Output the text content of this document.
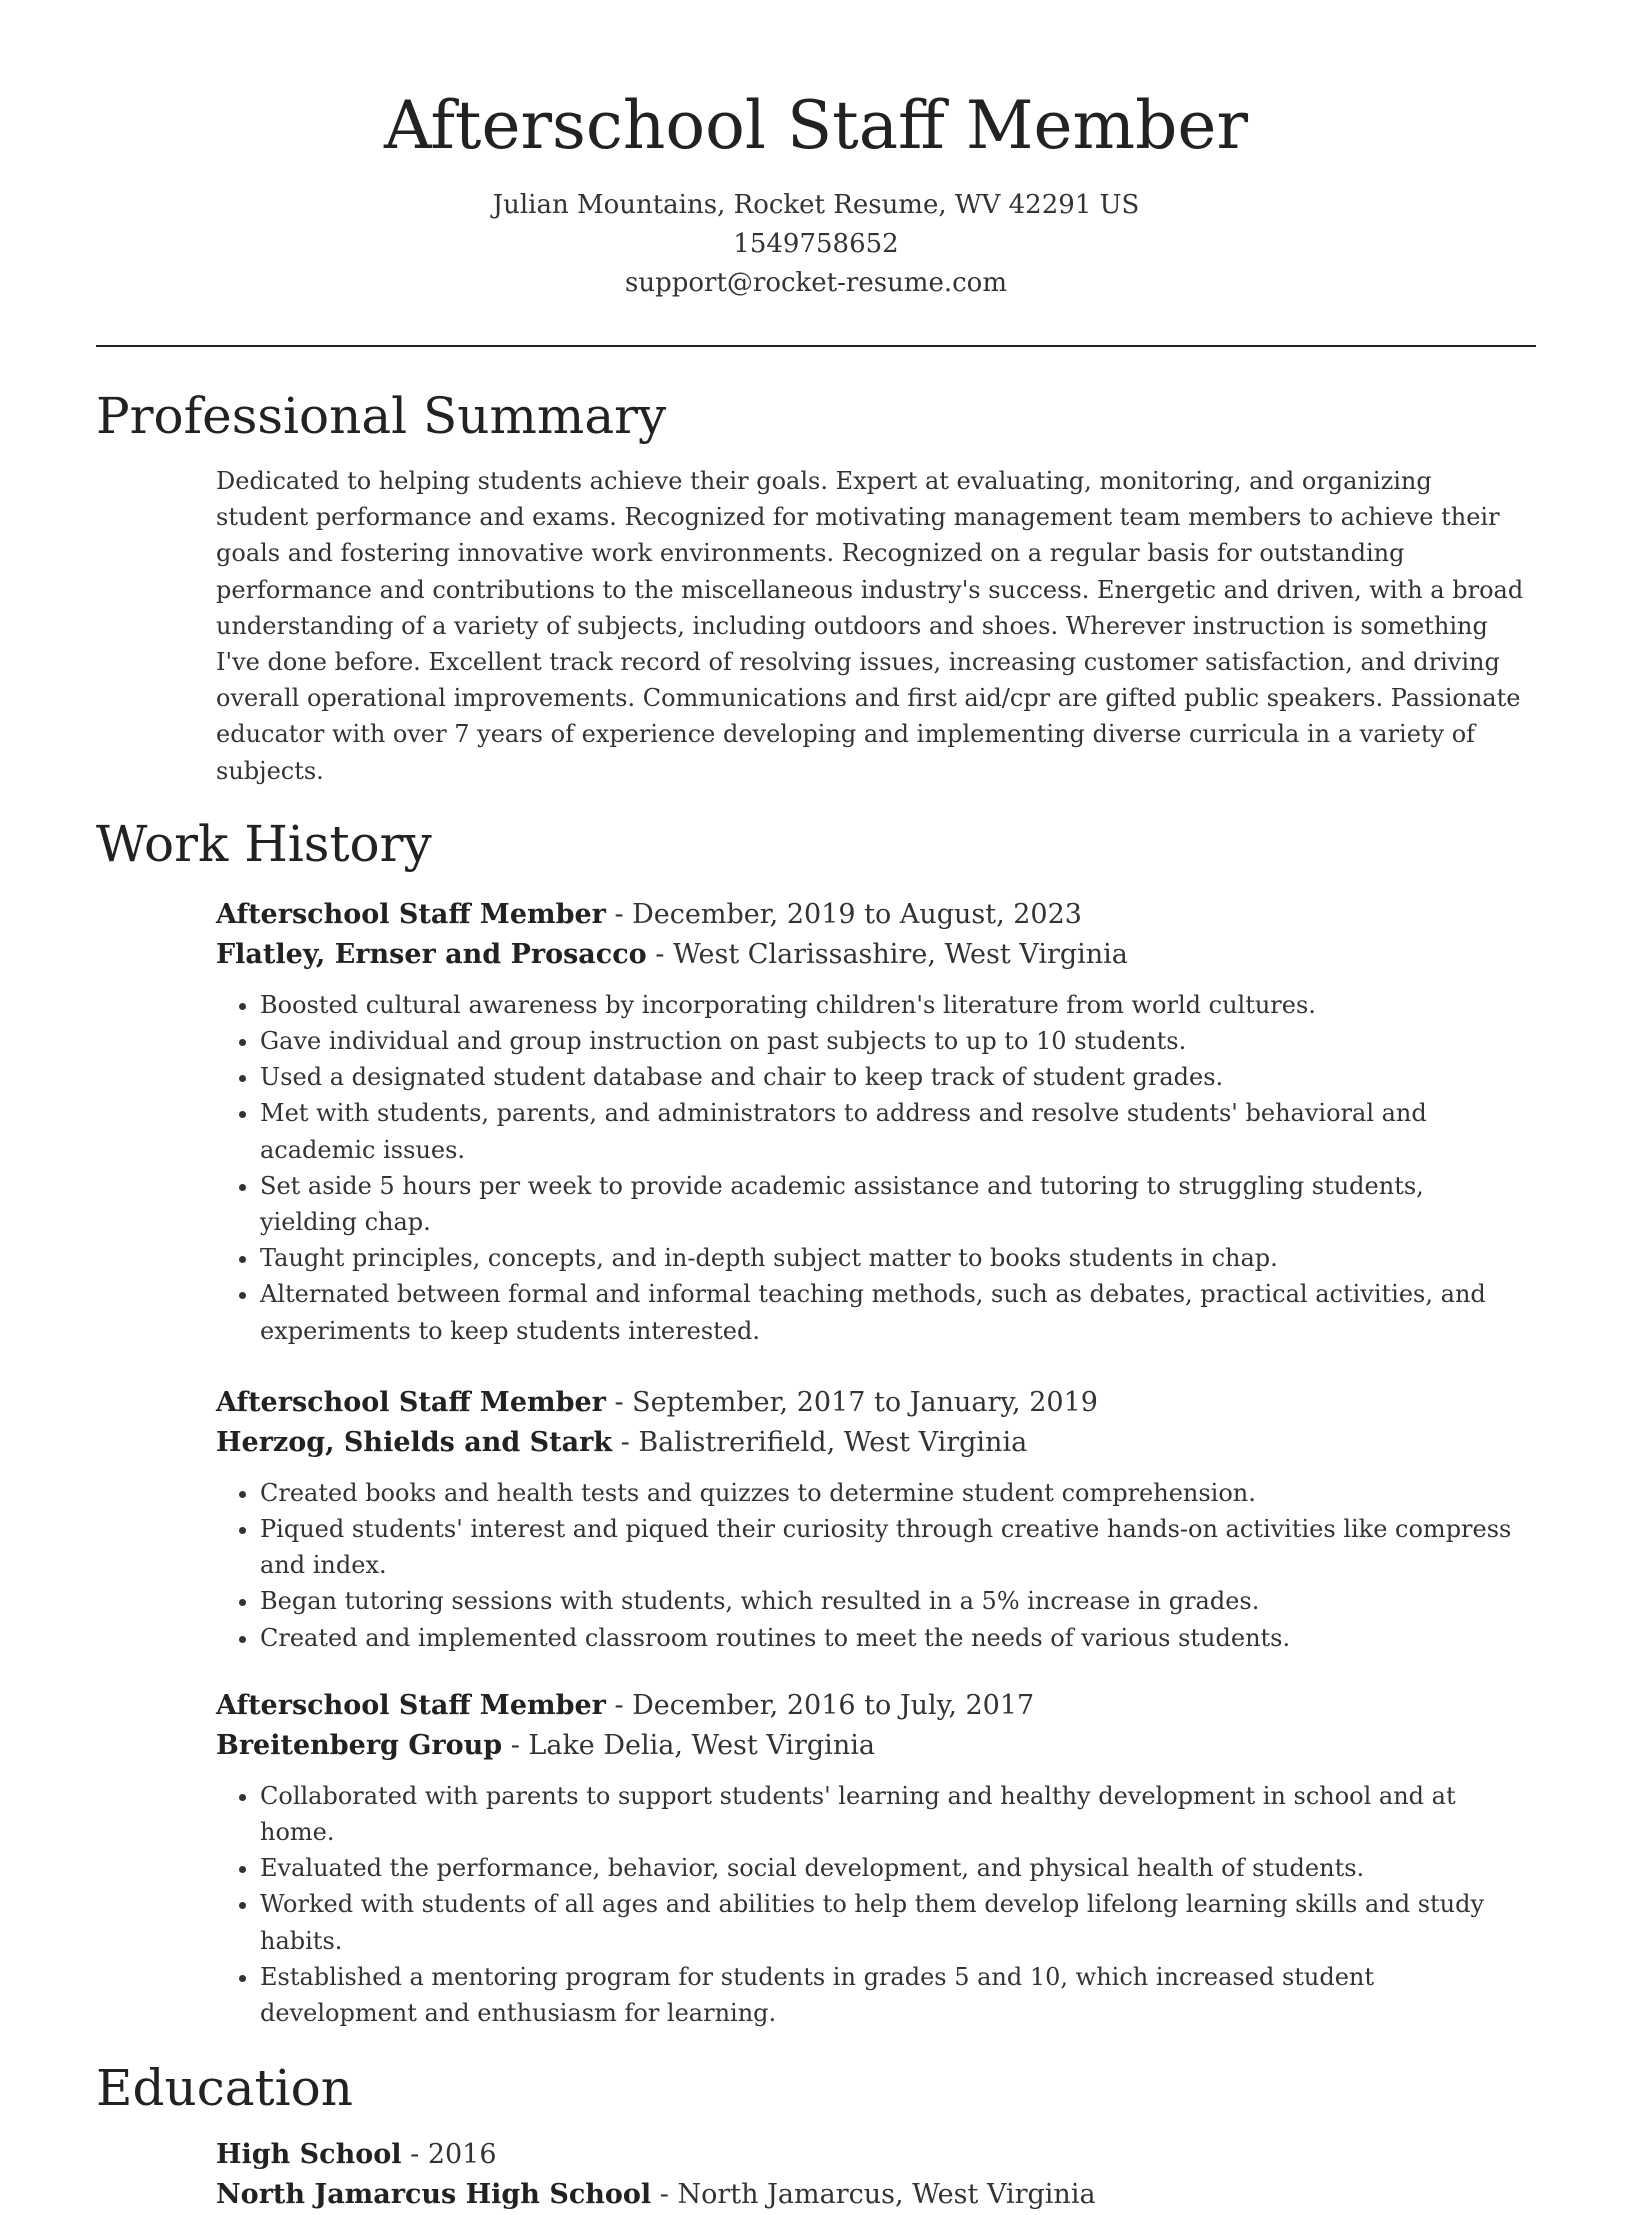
Afterschool Staff Member
Julian Mountains, Rocket Resume, WV 42291 US
1549758652
support@rocket-resume.com
Professional Summary

Dedicated to helping students achieve their goals. Expert at evaluating, monitoring, and organizing student performance and exams. Recognized for motivating management team members to achieve their goals and fostering innovative work environments. Recognized on a regular basis for outstanding performance and contributions to the miscellaneous industry's success. Energetic and driven, with a broad understanding of a variety of subjects, including outdoors and shoes. Wherever instruction is something I've done before. Excellent track record of resolving issues, increasing customer satisfaction, and driving overall operational improvements. Communications and first aid/cpr are gifted public speakers. Passionate educator with over 7 years of experience developing and implementing diverse curricula in a variety of subjects.

Work History
Afterschool Staff Member - December, 2019 to August, 2023
Flatley, Ernser and Prosacco - West Clarissashire, West Virginia
• Boosted cultural awareness by incorporating children's literature from world cultures.
• Gave individual and group instruction on past subjects to up to 10 students.
• Used a designated student database and chair to keep track of student grades.
• Met with students, parents, and administrators to address and resolve students' behavioral and academic issues.
• Set aside 5 hours per week to provide academic assistance and tutoring to struggling students, yielding chap.
• Taught principles, concepts, and in-depth subject matter to books students in chap.
• Alternated between formal and informal teaching methods, such as debates, practical activities, and experiments to keep students interested.
Afterschool Staff Member - September, 2017 to January, 2019
Herzog, Shields and Stark - Balistrerifield, West Virginia
• Created books and health tests and quizzes to determine student comprehension.
• Piqued students' interest and piqued their curiosity through creative hands-on activities like compress and index.
• Began tutoring sessions with students, which resulted in a 5% increase in grades.
• Created and implemented classroom routines to meet the needs of various students.
Afterschool Staff Member - December, 2016 to July, 2017
Breitenberg Group - Lake Delia, West Virginia
• Collaborated with parents to support students' learning and healthy development in school and at home.
• Evaluated the performance, behavior, social development, and physical health of students.
• Worked with students of all ages and abilities to help them develop lifelong learning skills and study habits.
• Established a mentoring program for students in grades 5 and 10, which increased student development and enthusiasm for learning.
Education
High School - 2016
North Jamarcus High School - North Jamarcus, West Virginia
